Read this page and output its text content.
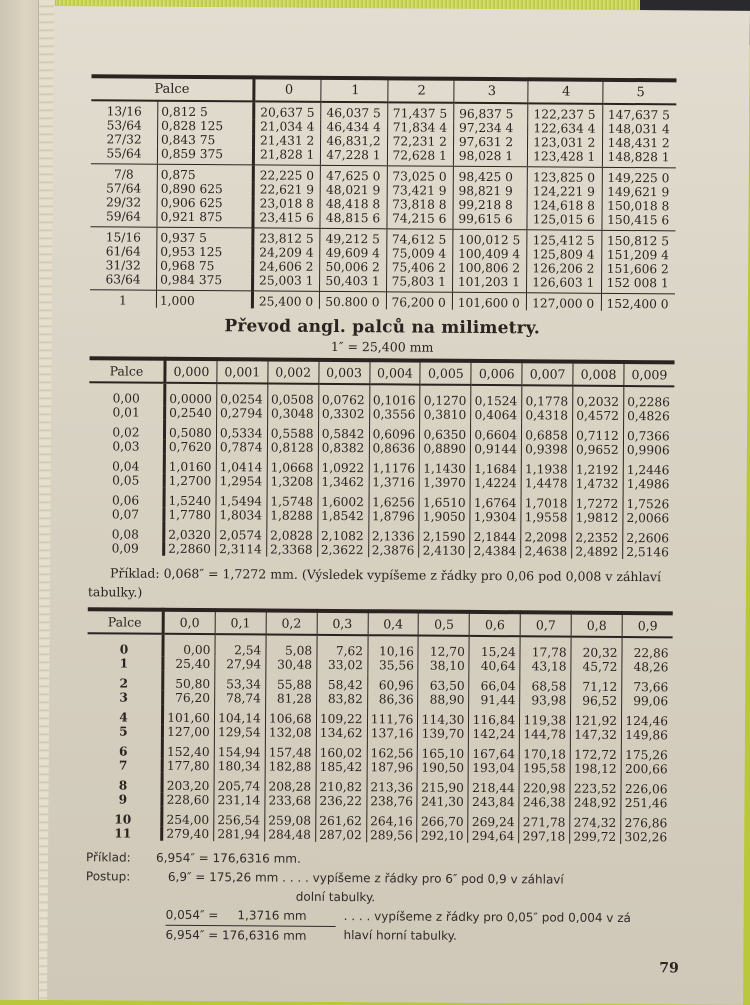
Palce		0	1	2	3	4	5
13/16	0,812 5	20,637 5	46,037 5	71,437 5	96,837 5	122,237 5	147,637 5
53/64	0,828 125	21,034 4	46,434 4	71,834 4	97,234 4	122,634 4	148,031 4
27/32	0,843 75	21,431 2	46,831,2	72,231 2	97,631 2	123,031 2	148,431 2
55/64	0,859 375	21,828 1	47,228 1	72,628 1	98,028 1	123,428 1	148,828 1
7/8	0,875	22,225 0	47,625 0	73,025 0	98,425 0	123,825 0	149,225 0
57/64	0,890 625	22,621 9	48,021 9	73,421 9	98,821 9	124,221 9	149,621 9
29/32	0,906 625	23,018 8	48,418 8	73,818 8	99,218 8	124,618 8	150,018 8
59/64	0,921 875	23,415 6	48,815 6	74,215 6	99,615 6	125,015 6	150,415 6
15/16	0,937 5	23,812 5	49,212 5	74,612 5	100,012 5	125,412 5	150,812 5
61/64	0,953 125	24,209 4	49,609 4	75,009 4	100,409 4	125,809 4	151,209 4
31/32	0,968 75	24,606 2	50,006 2	75,406 2	100,806 2	126,206 2	151,606 2
63/64	0,984 375	25,003 1	50,403 1	75,803 1	101,203 1	126,603 1	152 008 1
1	1,000	25,400 0	50.800 0	76,200 0	101,600 0	127,000 0	152,400 0
Převod angl. palců na milimetry.
1″ = 25,400 mm
Palce	0,000	0,001	0,002	0,003	0,004	0,005	0,006	0,007	0,008	0,009
0,00	0,0000	0,0254	0,0508	0,0762	0,1016	0,1270	0,1524	0,1778	0,2032	0,2286
0,01	0,2540	0,2794	0,3048	0,3302	0,3556	0,3810	0,4064	0,4318	0,4572	0,4826
0,02	0,5080	0,5334	0,5588	0,5842	0,6096	0,6350	0,6604	0,6858	0,7112	0,7366
0,03	0,7620	0,7874	0,8128	0,8382	0,8636	0,8890	0,9144	0,9398	0,9652	0,9906
0,04	1,0160	1,0414	1,0668	1,0922	1,1176	1,1430	1,1684	1,1938	1,2192	1,2446
0,05	1,2700	1,2954	1,3208	1,3462	1,3716	1,3970	1,4224	1,4478	1,4732	1,4986
0,06	1,5240	1,5494	1,5748	1,6002	1,6256	1,6510	1,6764	1,7018	1,7272	1,7526
0,07	1,7780	1,8034	1,8288	1,8542	1,8796	1,9050	1,9304	1,9558	1,9812	2,0066
0,08	2,0320	2,0574	2,0828	2,1082	2,1336	2,1590	2,1844	2,2098	2,2352	2,2606
0,09	2,2860	2,3114	2,3368	2,3622	2,3876	2,4130	2,4384	2,4638	2,4892	2,5146

Příklad: 0,068″ = 1,7272 mm. (Výsledek vypíšeme z řádky pro 0,06 pod 0,008 v záhlaví tabulky.)

Palce	0,0	0,1	0,2	0,3	0,4	0,5	0,6	0,7	0,8	0,9
0	0,00	2,54	5,08	7,62	10,16	12,70	15,24	17,78	20,32	22,86
1	25,40	27,94	30,48	33,02	35,56	38,10	40,64	43,18	45,72	48,26
2	50,80	53,34	55,88	58,42	60,96	63,50	66,04	68,58	71,12	73,66
3	76,20	78,74	81,28	83,82	86,36	88,90	91,44	93,98	96,52	99,06
4	101,60	104,14	106,68	109,22	111,76	114,30	116,84	119,38	121,92	124,46
5	127,00	129,54	132,08	134,62	137,16	139,70	142,24	144,78	147,32	149,86
6	152,40	154,94	157,48	160,02	162,56	165,10	167,64	170,18	172,72	175,26
7	177,80	180,34	182,88	185,42	187,96	190,50	193,04	195,58	198,12	200,66
8	203,20	205,74	208,28	210,82	213,36	215,90	218,44	220,98	223,52	226,06
9	228,60	231,14	233,68	236,22	238,76	241,30	243,84	246,38	248,92	251,46
10	254,00	256,54	259,08	261,62	264,16	266,70	269,24	271,78	274,32	276,86
11	279,40	281,94	284,48	287,02	289,56	292,10	294,64	297,18	299,72	302,26
Příklad:	6,954″ = 176,6316 mm.
Postup:	6,9″ = 175,26 mm . . . . vypíšeme z řádky pro 6″ pod 0,9 v záhlaví
dolní tabulky.
0,054″ =     1,3716 mm
6,954″ = 176,6316 mm
. . . . vypíšeme z řádky pro 0,05″ pod 0,004 v zá
hlaví horní tabulky.
79
